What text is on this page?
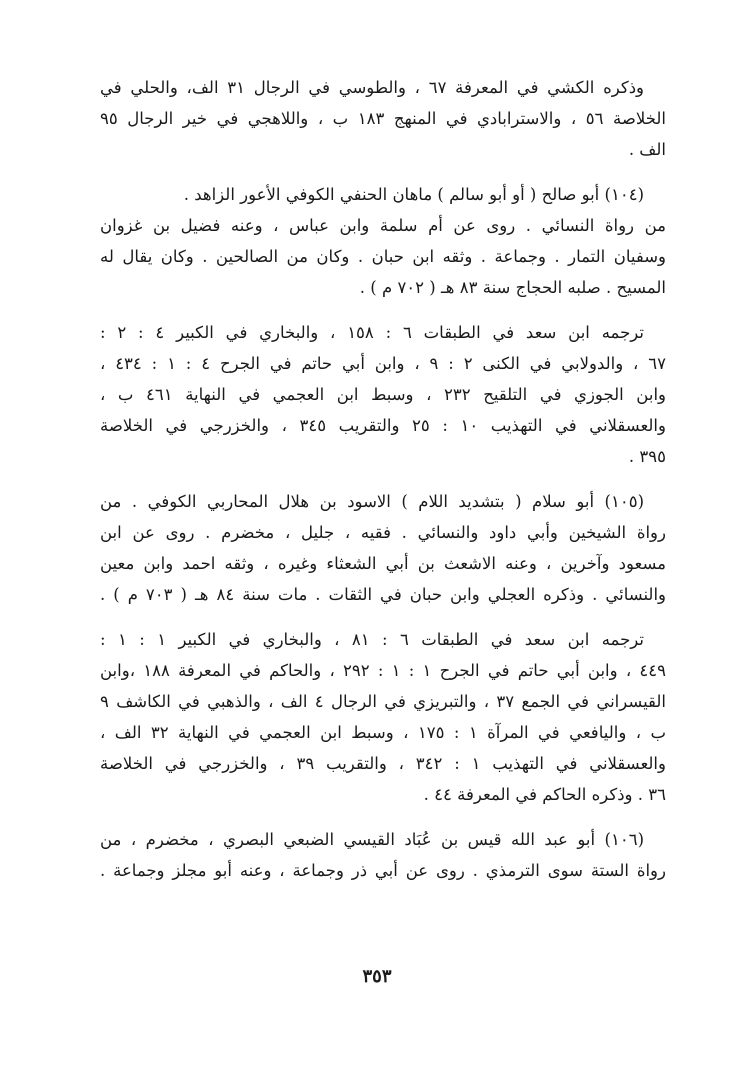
وذكره الكشي في المعرفة ٦٧ ، والطوسي في الرجال ٣١ الف، والحلي في
الخلاصة ٥٦ ، والاسترابادي في المنهج ١٨٣ ب ، واللاهجي في خير الرجال ٩٥
الف .
(١٠٤) أبو صالح ( أو أبو سالم ) ماهان الحنفي الكوفي الأعور الزاهد .
من رواة النسائي . روى عن أم سلمة وابن عباس ، وعنه فضيل بن غزوان
وسفيان التمار . وجماعة . وثقه ابن حبان . وكان من الصالحين . وكان يقال له
المسيح . صلبه الحجاج سنة ٨٣ هـ ( ٧٠٢ م ) .
ترجمه ابن سعد في الطبقات ٦ : ١٥٨ ، والبخاري في الكبير ٤ : ٢ :
٦٧ ، والدولابي في الكنى ٢ : ٩ ، وابن أبي حاتم في الجرح ٤ : ١ : ٤٣٤ ،
وابن الجوزي في التلقيح ٢٣٢ ، وسبط ابن العجمي في النهاية ٤٦١ ب ،
والعسقلاني في التهذيب ١٠ : ٢٥ والتقريب ٣٤٥ ، والخزرجي في الخلاصة
٣٩٥ .
(١٠٥) أبو سلام ( بتشديد اللام ) الاسود بن هلال المحاربي الكوفي . من
رواة الشيخين وأبي داود والنسائي . فقيه ، جليل ، مخضرم . روى عن ابن
مسعود وآخرين ، وعنه الاشعث بن أبي الشعثاء وغيره ، وثقه احمد وابن معين
والنسائي . وذكره العجلي وابن حبان في الثقات . مات سنة ٨٤ هـ ( ٧٠٣ م ) .
ترجمه ابن سعد في الطبقات ٦ : ٨١ ، والبخاري في الكبير ١ : ١ :
٤٤٩ ، وابن أبي حاتم في الجرح ١ : ١ : ٢٩٢ ، والحاكم في المعرفة ١٨٨ ،وابن
القيسراني في الجمع ٣٧ ، والتبريزي في الرجال ٤ الف ، والذهبي في الكاشف ٩
ب ، واليافعي في المرآة ١ : ١٧٥ ، وسبط ابن العجمي في النهاية ٣٢ الف ،
والعسقلاني في التهذيب ١ : ٣٤٢ ، والتقريب ٣٩ ، والخزرجي في الخلاصة
٣٦ . وذكره الحاكم في المعرفة ٤٤ .
(١٠٦) أبو عبد الله قيس بن عُبَاد القيسي الضبعي البصري ، مخضرم ، من
رواة الستة سوى الترمذي . روى عن أبي ذر وجماعة ، وعنه أبو مجلز وجماعة .
٣٥٣
